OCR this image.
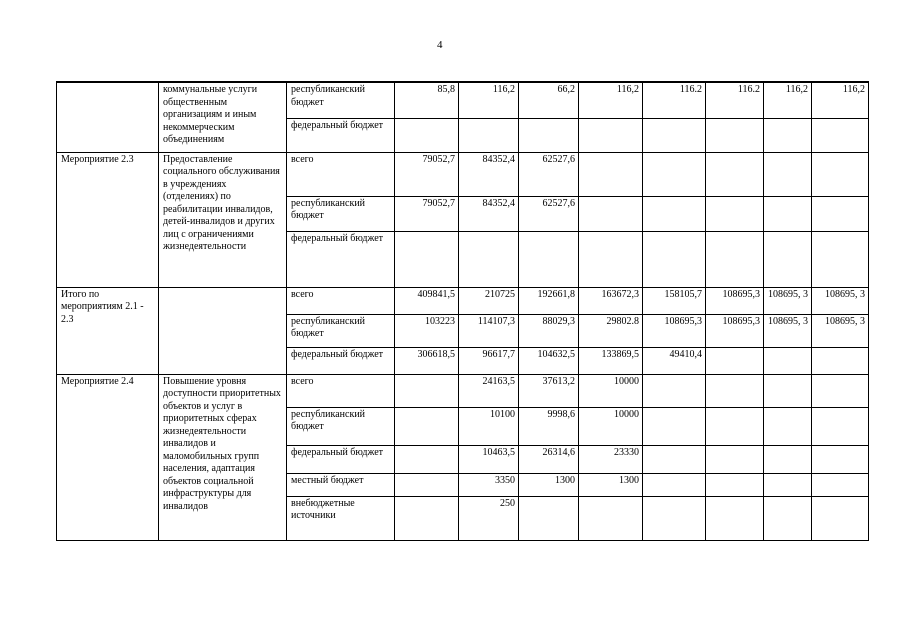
4
	коммунальные услуги общественным организациям и иным некоммерческим объединениям	республиканский бюджет	85,8	116,2	66,2	116,2	116.2	116.2	116,2	116,2
		федеральный бюджет								
Мероприятие 2.3	Предоставление социального обслуживания в учреждениях (отделениях) по реабилитации инвалидов, детей-инвалидов и других лиц с ограничениями жизнедеятельности	всего	79052,7	84352,4	62527,6					
		республиканский бюджет	79052,7	84352,4	62527,6					
		федеральный бюджет								
Итого по мероприятиям 2.1 - 2.3		всего	409841,5	210725	192661,8	163672,3	158105,7	108695,3	108695, 3	108695, 3
		республиканский бюджет	103223	114107,3	88029,3	29802.8	108695,3	108695,3	108695, 3	108695, 3
		федеральный бюджет	306618,5	96617,7	104632,5	133869,5	49410,4			
Мероприятие 2.4	Повышение уровня доступности приоритетных объектов и услуг в приоритетных сферах жизнедеятельности инвалидов и маломобильных групп населения, адаптация объектов социальной инфраструктуры для инвалидов	всего		24163,5	37613,2	10000				
		республиканский бюджет		10100	9998,6	10000				
		федеральный бюджет		10463,5	26314,6	23330				
		местный бюджет		3350	1300	1300				
		внебюджетные источники		250						
